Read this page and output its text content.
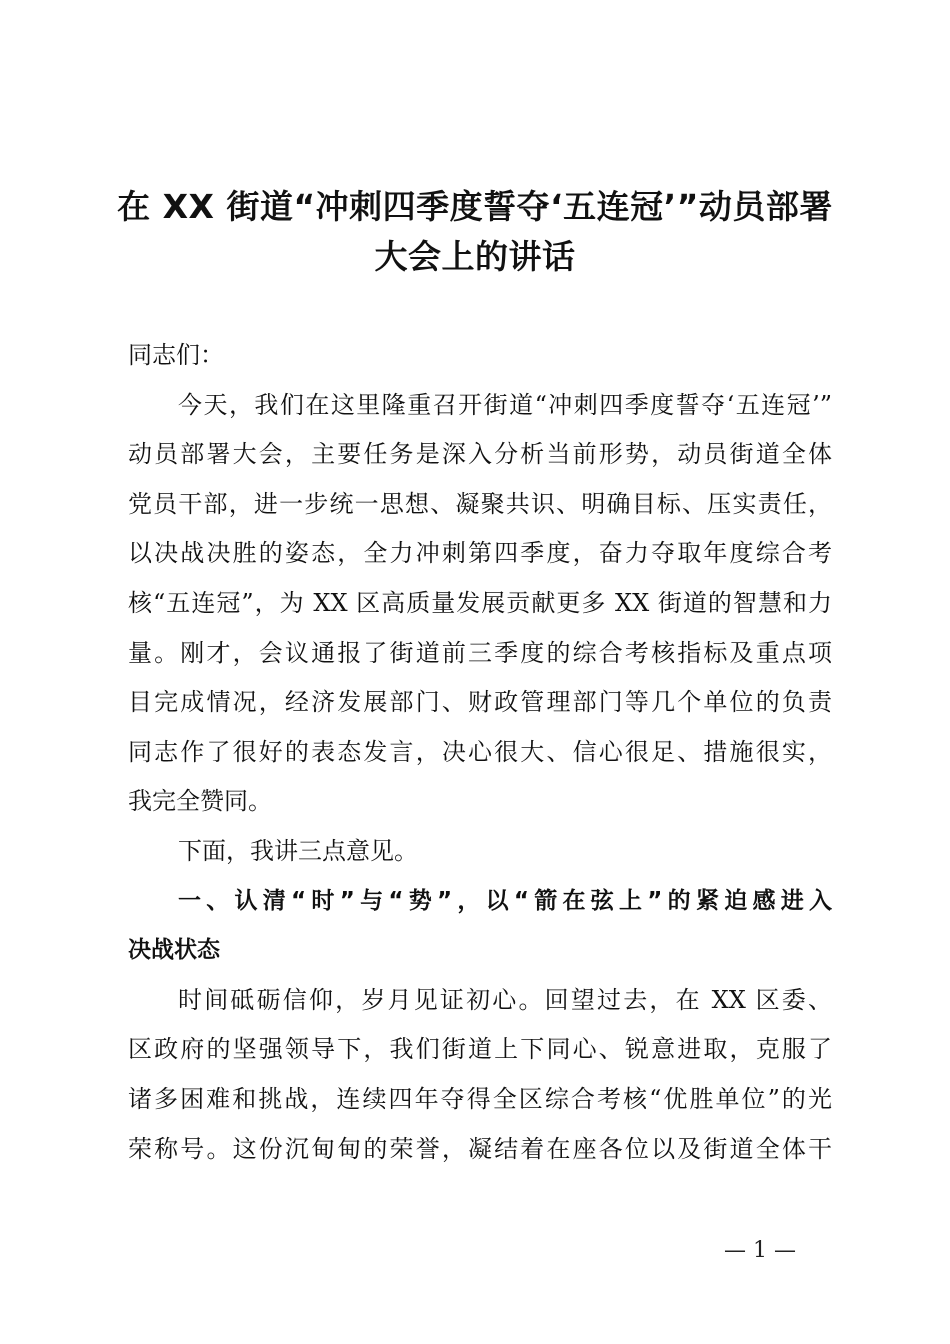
在 XX 街道“冲刺四季度誓夺‘五连冠’”动员部署
大会上的讲话
同志们：
今天，我们在这里隆重召开街道“冲刺四季度誓夺‘五连冠’”
动员部署大会，主要任务是深入分析当前形势，动员街道全体
党员干部，进一步统一思想、凝聚共识、明确目标、压实责任，
以决战决胜的姿态，全力冲刺第四季度，奋力夺取年度综合考
核“五连冠”，为 XX 区高质量发展贡献更多 XX 街道的智慧和力
量。刚才，会议通报了街道前三季度的综合考核指标及重点项
目完成情况，经济发展部门、财政管理部门等几个单位的负责
同志作了很好的表态发言，决心很大、信心很足、措施很实，
我完全赞同。
下面，我讲三点意见。
一、认清“时”与“势”，以“箭在弦上”的紧迫感进入
决战状态
时间砥砺信仰，岁月见证初心。回望过去，在 XX 区委、
区政府的坚强领导下，我们街道上下同心、锐意进取，克服了
诸多困难和挑战，连续四年夺得全区综合考核“优胜单位”的光
荣称号。这份沉甸甸的荣誉，凝结着在座各位以及街道全体干
— 1 —
